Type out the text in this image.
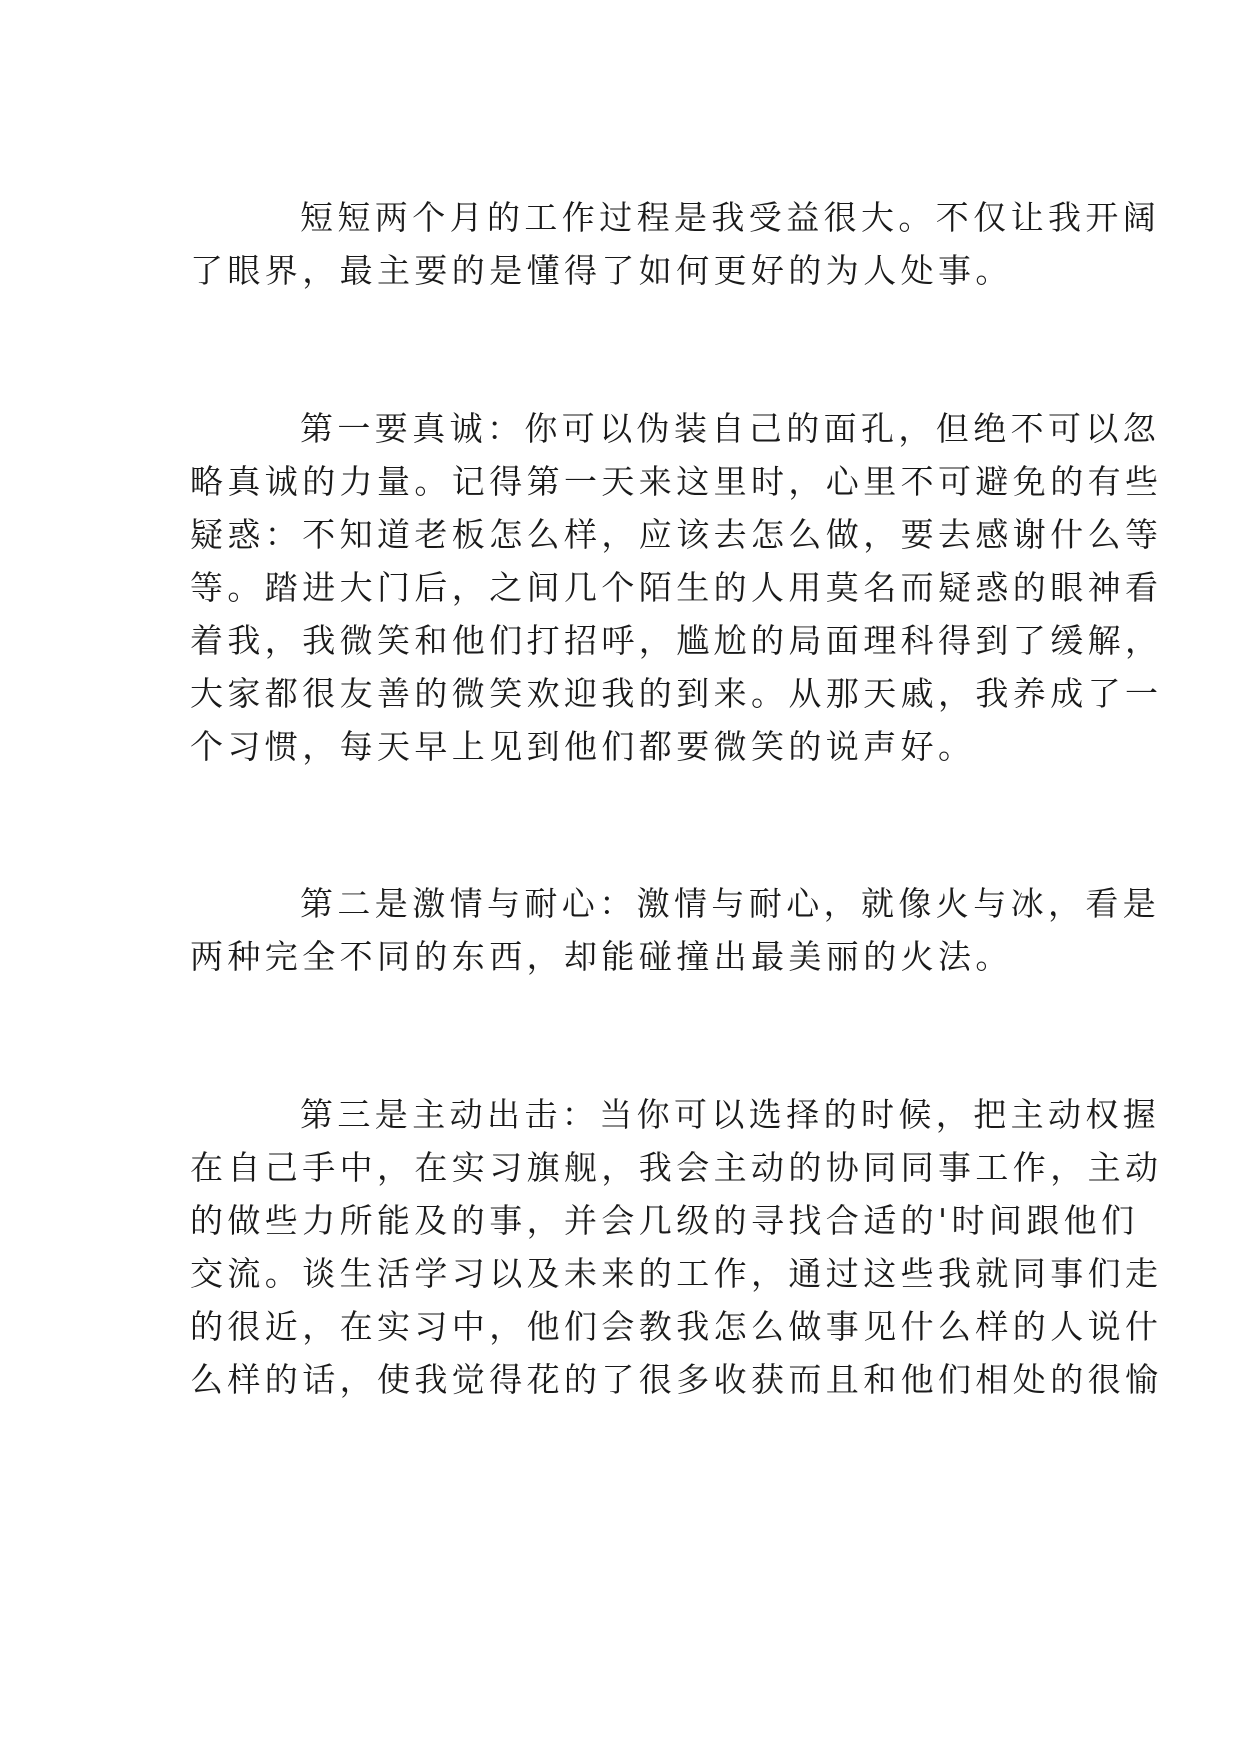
短短两个月的工作过程是我受益很大。不仅让我开阔
了眼界，最主要的是懂得了如何更好的为人处事。
第一要真诚：你可以伪装自己的面孔，但绝不可以忽
略真诚的力量。记得第一天来这里时，心里不可避免的有些
疑惑：不知道老板怎么样，应该去怎么做，要去感谢什么等
等。踏进大门后，之间几个陌生的人用莫名而疑惑的眼神看
着我，我微笑和他们打招呼，尴尬的局面理科得到了缓解，
大家都很友善的微笑欢迎我的到来。从那天戚，我养成了一
个习惯，每天早上见到他们都要微笑的说声好。
第二是激情与耐心：激情与耐心，就像火与冰，看是
两种完全不同的东西，却能碰撞出最美丽的火法。
第三是主动出击：当你可以选择的时候，把主动权握
在自己手中，在实习旗舰，我会主动的协同同事工作，主动
的做些力所能及的事，并会几级的寻找合适的'时间跟他们
交流。谈生活学习以及未来的工作，通过这些我就同事们走
的很近，在实习中，他们会教我怎么做事见什么样的人说什
么样的话，使我觉得花的了很多收获而且和他们相处的很愉
